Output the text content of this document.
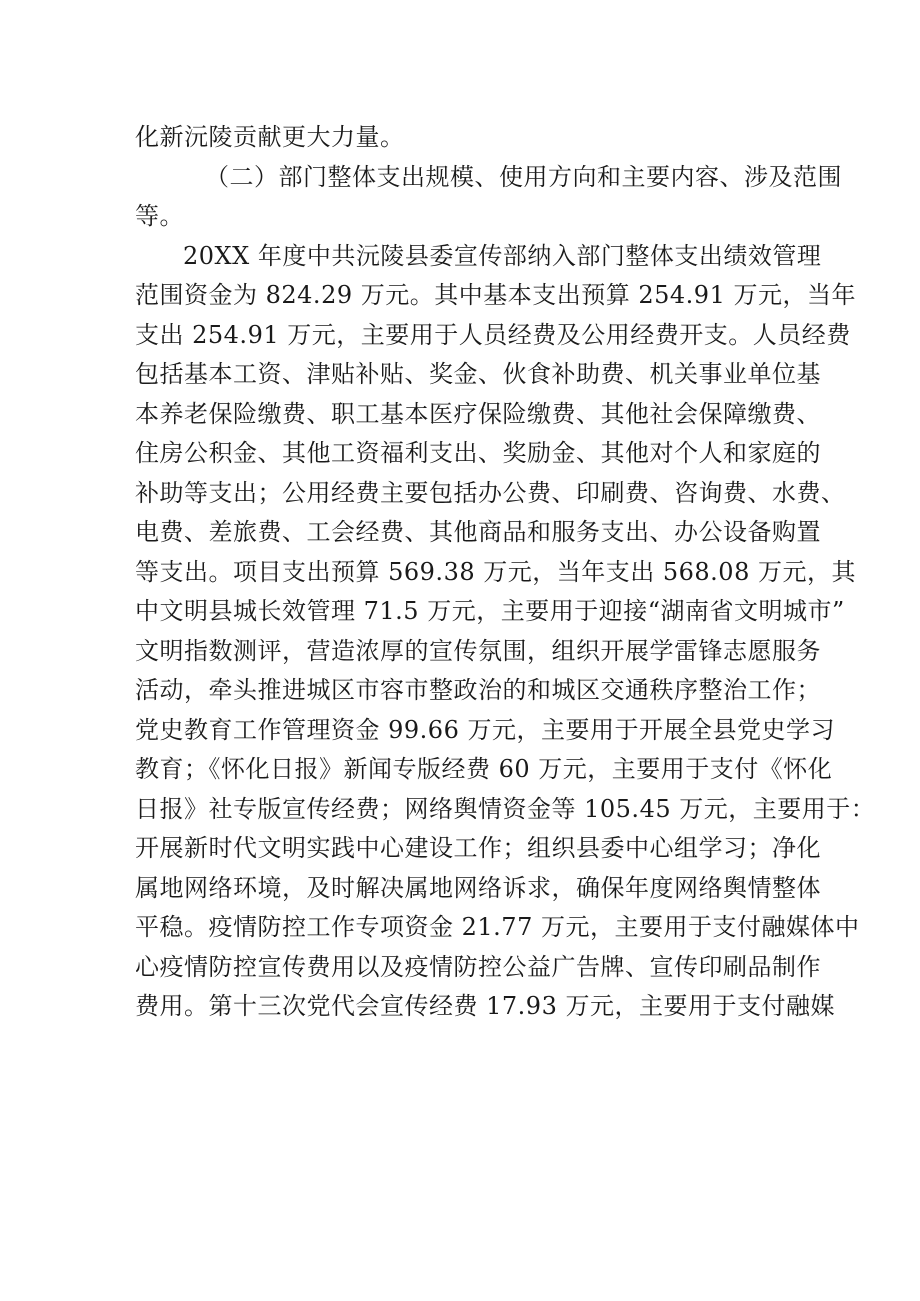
化新沅陵贡献更大力量。
（二）部门整体支出规模、使用方向和主要内容、涉及范围
等。
20XX 年度中共沅陵县委宣传部纳入部门整体支出绩效管理
范围资金为 824.29 万元。其中基本支出预算 254.91 万元，当年
支出 254.91 万元，主要用于人员经费及公用经费开支。人员经费
包括基本工资、津贴补贴、奖金、伙食补助费、机关事业单位基
本养老保险缴费、职工基本医疗保险缴费、其他社会保障缴费、
住房公积金、其他工资福利支出、奖励金、其他对个人和家庭的
补助等支出；公用经费主要包括办公费、印刷费、咨询费、水费、
电费、差旅费、工会经费、其他商品和服务支出、办公设备购置
等支出。项目支出预算 569.38 万元，当年支出 568.08 万元，其
中文明县城长效管理 71.5 万元，主要用于迎接“湖南省文明城市”
文明指数测评，营造浓厚的宣传氛围，组织开展学雷锋志愿服务
活动，牵头推进城区市容市整政治的和城区交通秩序整治工作；
党史教育工作管理资金 99.66 万元，主要用于开展全县党史学习
教育；《怀化日报》新闻专版经费 60 万元，主要用于支付《怀化
日报》社专版宣传经费；网络舆情资金等 105.45 万元，主要用于：
开展新时代文明实践中心建设工作；组织县委中心组学习；净化
属地网络环境，及时解决属地网络诉求，确保年度网络舆情整体
平稳。疫情防控工作专项资金 21.77 万元，主要用于支付融媒体中
心疫情防控宣传费用以及疫情防控公益广告牌、宣传印刷品制作
费用。第十三次党代会宣传经费 17.93 万元，主要用于支付融媒
